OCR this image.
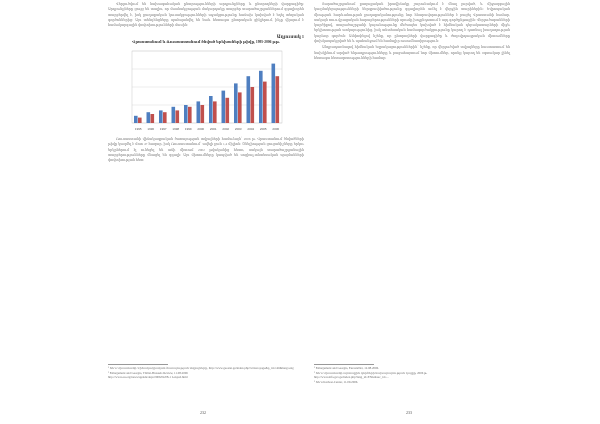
Վերլուծվում են նախագահական ընտրությունների արդյունքները և ընտրողների վարքագիծը: Արդյունքները ցույց են տալիս, որ մասնակցության մակարդակը տարբեր տարածաշրջաններում զգալիորեն տարբերվել է, իսկ քաղաքական կուսակցությունների աջակցությունը հաճախ կախված է եղել տեղական գործոններից: Այս տենդենցները պահպանվել են նաև հետագա ընտրական ցիկլերում, ինչը վկայում է համակարգային փոփոխությունների մասին:

Աղյուսակ 1
Վրաստանում և Ռուսաստանում ծնված երեխաների թիվը, 1995-2006 թթ.
1995 1996 1997 1998 1999 2000 2001 2002 2003 2004 2005 2006

Ռուսաստանի վիճակագրական ծառայության տվյալների համաձայն՝ 2006 թ. Վրաստանում ծնվածների թիվը կազմել է մոտ 47 հազար, իսկ Ռուսաստանում՝ ավելի քան 1,4 միլիոն: Ծնելիության ցուցանիշները երկու երկրներում էլ ունեցել են աճի միտում 2002 թվականից հետո, սակայն տարածաշրջանային տարբերությունները մնացել են զգալի: Այս միտումները կապված են սոցիալ-տնտեսական պայմանների փոփոխության հետ:

¹ Տե՛ս Վրաստանի Վիճակագրական ծառայության տվյալները, http://www.geostat.ge/index.php?action=page&p_id=146&lang=eng

² Enlargement and Georgia, Tbilisi-Brussels Review, 11.08.2006

http://www.eu.org/news/agenda/dept/2006/04/08-1 Lokyed.html

232

Տարածաշրջանում քաղաքական իրավիճակը շարունակում է մնալ լարված, և միջազգային կազմակերպությունների ներգրավվածությունը զգալիորեն աճել է վերջին տարիներին: Եվրոպական միության հարևանության քաղաքականությունը նոր հնարավորություններ է բացել Վրաստանի համար, սակայն ռուս-վրացական հարաբերությունների սրումը խոչընդոտում է այդ գործընթացին: Վերլուծաբանների կարծիքով, տարածաշրջանի կայունությունը մեծապես կախված է հիմնական դերակատարների միջև երկխոսության առկայությունից, իսկ տնտեսական համագործակցությունը կարող է դառնալ խաղաղության կարևոր գործոն: Ամփոփելով նշենք, որ ընտրողների վարքագիծը և ժողովրդագրական միտումները փոխկապակցված են և պահանջում են համալիր ուսումնասիրություն:

Անդրադառնալով հիմնական եզրակացություններին՝ նշենք, որ վերլուծված տվյալները հաստատում են նախկինում արված ենթադրությունները և բացահայտում նոր միտումներ, որոնք կարող են օգտակար լինել հետագա հետազոտությունների համար:

¹ Enlargement and Georgia, EurasiaNet, 12.08.2006.

² Տե՛ս Վրաստանի արտաքին գործերի նախարարության կայքը, 2006 թ.

http://www.mfa.gov.ge/index.php?lang_id=ENG&sec_id=...

³ Տե՛ս Kavkaz-Center, 11.09.2006.

233
